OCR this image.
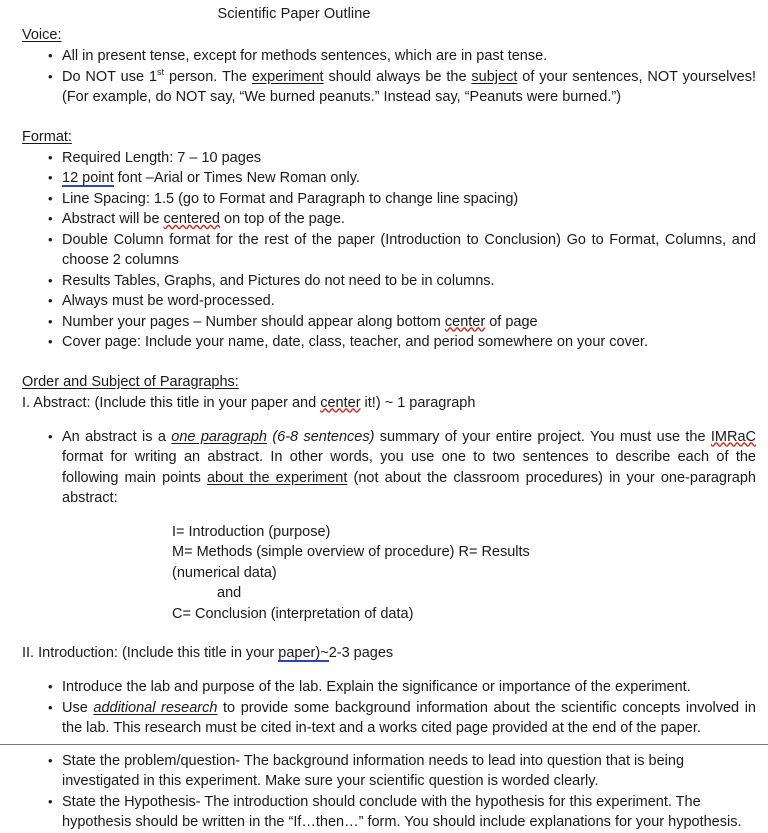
Scientific Paper Outline
Voice:
• All in present tense, except for methods sentences, which are in past tense.
• Do NOT use 1st person. The experiment should always be the subject of your sentences, NOT yourselves! (For example, do NOT say, “We burned peanuts.” Instead say, “Peanuts were burned.”)
Format:
• Required Length: 7 – 10 pages
• 12 point font –Arial or Times New Roman only.
• Line Spacing: 1.5 (go to Format and Paragraph to change line spacing)
• Abstract will be centered on top of the page.
• Double Column format for the rest of the paper (Introduction to Conclusion) Go to Format, Columns, and choose 2 columns
• Results Tables, Graphs, and Pictures do not need to be in columns.
• Always must be word-processed.
• Number your pages – Number should appear along bottom center of page
• Cover page: Include your name, date, class, teacher, and period somewhere on your cover.
Order and Subject of Paragraphs:
I. Abstract: (Include this title in your paper and center it!) ~ 1 paragraph
• An abstract is a one paragraph (6-8 sentences) summary of your entire project. You must use the IMRaC format for writing an abstract. In other words, you use one to two sentences to describe each of the following main points about the experiment (not about the classroom procedures) in your one-paragraph abstract:
I= Introduction (purpose)
M= Methods (simple overview of procedure) R= Results
(numerical data)
and
C= Conclusion (interpretation of data)
II. Introduction: (Include this title in your paper)~2-3 pages
• Introduce the lab and purpose of the lab. Explain the significance or importance of the experiment.
• Use additional research to provide some background information about the scientific concepts involved in the lab. This research must be cited in-text and a works cited page provided at the end of the paper.
• State the problem/question- The background information needs to lead into question that is being investigated in this experiment. Make sure your scientific question is worded clearly.
• State the Hypothesis- The introduction should conclude with the hypothesis for this experiment. The hypothesis should be written in the “If…then…” form. You should include explanations for your hypothesis.
